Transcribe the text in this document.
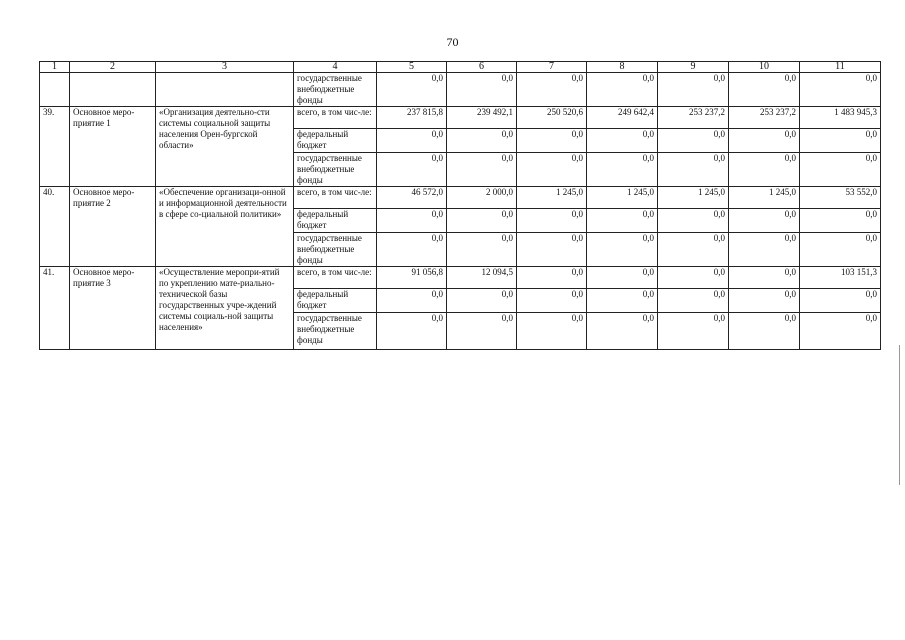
70
1	2	3	4	5	6	7	8	9	10	11
			государственные внебюджетные фонды	0,0	0,0	0,0	0,0	0,0	0,0	0,0
39.	Основное меро-приятие 1	«Организация деятельно-сти системы социальной защиты населения Орен-бургской области»	всего, в том чис-ле:	237 815,8	239 492,1	250 520,6	249 642,4	253 237,2	253 237,2	1 483 945,3
			федеральный бюджет	0,0	0,0	0,0	0,0	0,0	0,0	0,0
			государственные внебюджетные фонды	0,0	0,0	0,0	0,0	0,0	0,0	0,0
40.	Основное меро-приятие 2	«Обеспечение организаци-онной и информационной деятельности в сфере со-циальной политики»	всего, в том чис-ле:	46 572,0	2 000,0	1 245,0	1 245,0	1 245,0	1 245,0	53 552,0
			федеральный бюджет	0,0	0,0	0,0	0,0	0,0	0,0	0,0
			государственные внебюджетные фонды	0,0	0,0	0,0	0,0	0,0	0,0	0,0
41.	Основное меро-приятие 3	«Осуществление меропри-ятий по укреплению мате-риально-технической базы государственных учре-ждений системы социаль-ной защиты населения»	всего, в том чис-ле:	91 056,8	12 094,5	0,0	0,0	0,0	0,0	103 151,3
			федеральный бюджет	0,0	0,0	0,0	0,0	0,0	0,0	0,0
			государственные внебюджетные фонды	0,0	0,0	0,0	0,0	0,0	0,0	0,0
